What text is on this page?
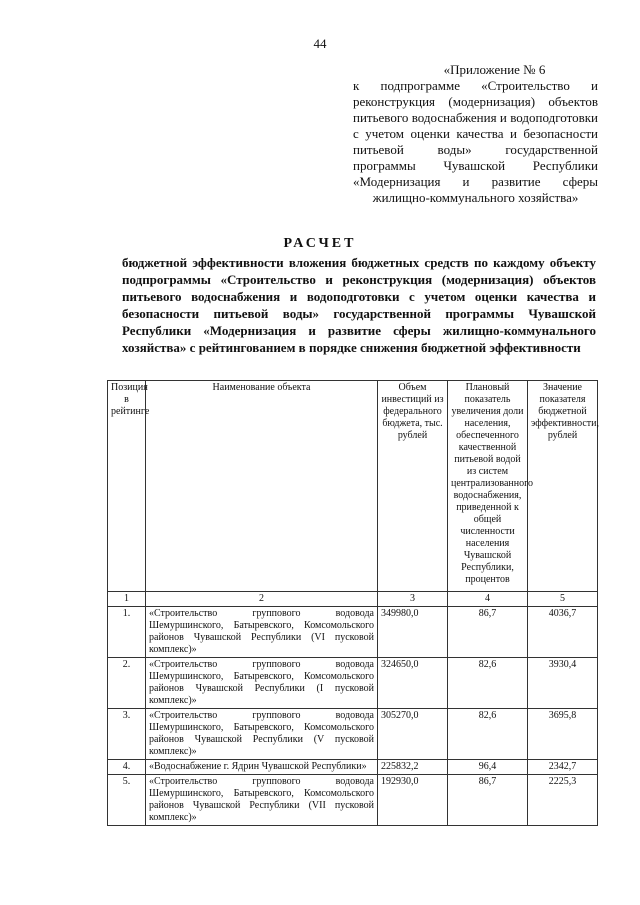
44
«Приложение № 6
к подпрограмме «Строительство и реконструкция (модернизация) объектов питьевого водоснабжения и водоподготовки с учетом оценки качества и безопасности питьевой воды» государственной программы Чувашской Республики «Модернизация и развитие сферы жилищно-коммунального хозяйства»
РАСЧЕТ
бюджетной эффективности вложения бюджетных средств по каждому объекту подпрограммы «Строительство и реконструкция (модернизация) объектов питьевого водоснабжения и водоподготовки с учетом оценки качества и безопасности питьевой воды» государственной программы Чувашской Республики «Модернизация и развитие сферы жилищно-коммунального хозяйства» с рейтингованием в порядке снижения бюджетной эффективности
Позиция в рейтинге	Наименование объекта	Объем инвестиций из федерального бюджета, тыс. рублей	Плановый показатель увеличения доли населения, обеспеченного качественной питьевой водой из систем централизованного водоснабжения, приведенной к общей численности населения Чувашской Республики, процентов	Значение показателя бюджетной эффективности, рублей
1	2	3	4	5
1.	«Строительство группового водовода Шемуршинского, Батыревского, Комсомольского районов Чувашской Республики (VI пусковой комплекс)»	349980,0	86,7	4036,7
2.	«Строительство группового водовода Шемуршинского, Батыревского, Комсомольского районов Чувашской Республики (I пусковой комплекс)»	324650,0	82,6	3930,4
3.	«Строительство группового водовода Шемуршинского, Батыревского, Комсомольского районов Чувашской Республики (V пусковой комплекс)»	305270,0	82,6	3695,8
4.	«Водоснабжение г. Ядрин Чувашской Республики»	225832,2	96,4	2342,7
5.	«Строительство группового водовода Шемуршинского, Батыревского, Комсомольского районов Чувашской Республики (VII пусковой комплекс)»	192930,0	86,7	2225,3
